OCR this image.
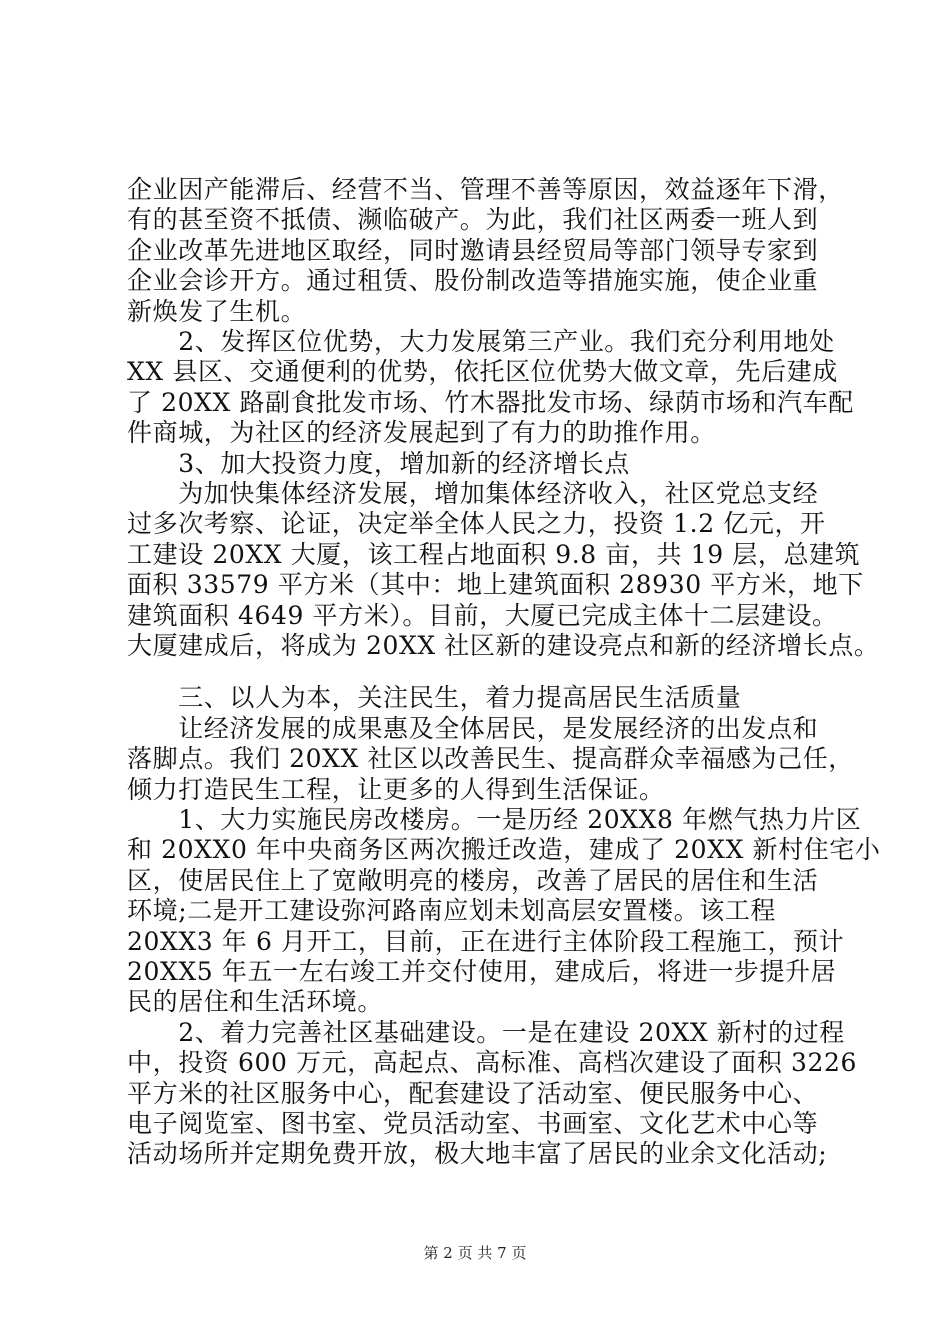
企业因产能滞后、经营不当、管理不善等原因，效益逐年下滑，
有的甚至资不抵债、濒临破产。为此，我们社区两委一班人到
企业改革先进地区取经，同时邀请县经贸局等部门领导专家到
企业会诊开方。通过租赁、股份制改造等措施实施，使企业重
新焕发了生机。
　　2、发挥区位优势，大力发展第三产业。我们充分利用地处
XX 县区、交通便利的优势，依托区位优势大做文章，先后建成
了 20XX 路副食批发市场、竹木器批发市场、绿荫市场和汽车配
件商城，为社区的经济发展起到了有力的助推作用。
　　3、加大投资力度，增加新的经济增长点
　　为加快集体经济发展，增加集体经济收入，社区党总支经
过多次考察、论证，决定举全体人民之力，投资 1.2 亿元，开
工建设 20XX 大厦，该工程占地面积 9.8 亩，共 19 层，总建筑
面积 33579 平方米（其中：地上建筑面积 28930 平方米，地下
建筑面积 4649 平方米）。目前，大厦已完成主体十二层建设。
大厦建成后，将成为 20XX 社区新的建设亮点和新的经济增长点。
　　三、以人为本，关注民生，着力提高居民生活质量
　　让经济发展的成果惠及全体居民，是发展经济的出发点和
落脚点。我们 20XX 社区以改善民生、提高群众幸福感为己任，
倾力打造民生工程，让更多的人得到生活保证。
　　1、大力实施民房改楼房。一是历经 20XX8 年燃气热力片区
和 20XX0 年中央商务区两次搬迁改造，建成了 20XX 新村住宅小
区，使居民住上了宽敞明亮的楼房，改善了居民的居住和生活
环境;二是开工建设弥河路南应划未划高层安置楼。该工程
20XX3 年 6 月开工，目前，正在进行主体阶段工程施工，预计
20XX5 年五一左右竣工并交付使用，建成后，将进一步提升居
民的居住和生活环境。
　　2、着力完善社区基础建设。一是在建设 20XX 新村的过程
中，投资 600 万元，高起点、高标准、高档次建设了面积 3226
平方米的社区服务中心，配套建设了活动室、便民服务中心、
电子阅览室、图书室、党员活动室、书画室、文化艺术中心等
活动场所并定期免费开放，极大地丰富了居民的业余文化活动;
第 2 页 共 7 页
